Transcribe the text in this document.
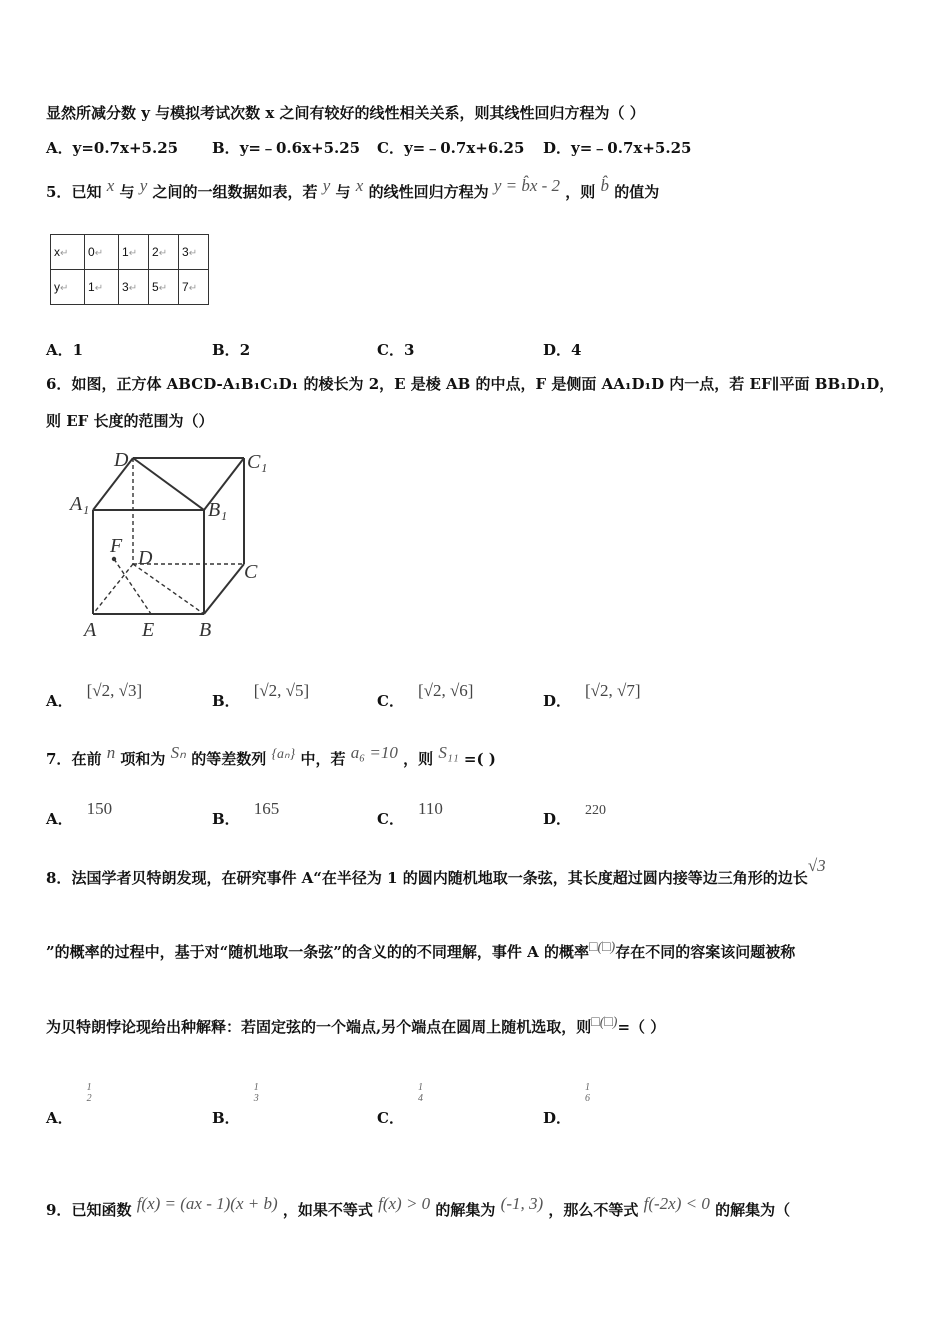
显然所减分数 y 与模拟考试次数 x 之间有较好的线性相关关系，则其线性回归方程为（ ）
A．y=0.7x+5.25 B．y=﹣0.6x+5.25 C．y=﹣0.7x+6.25 D．y=﹣0.7x+5.25
5．已知 x 与 y 之间的一组数据如表，若 y 与 x 的线性回归方程为 y = b̂x - 2 ，则 b̂ 的值为
x↵	0↵	1↵	2↵	3↵
y↵	1↵	3↵	5↵	7↵
A．1	B．2	C．3	D．4
6．如图，正方体 ABCD-A₁B₁C₁D₁ 的棱长为 2，E 是棱 AB 的中点，F 是侧面 AA₁D₁D 内一点，若 EF∥平面 BB₁D₁D，
则 EF 长度的范围为（）
D	C₁
A₁	B₁
F
D
C
A E B
A．[√2, √3]
B．[√2, √5]
C．[√2, √6]
D．[√2, √7]
7．在前 n 项和为 Sₙ 的等差数列 {aₙ} 中，若 a₆ =10 ，则 S₁₁ =( )
A．150
B．165
C．110
D． 220
8．法国学者贝特朗发现，在研究事件 A“在半径为 1 的圆内随机地取一条弦，其长度超过圆内接等边三角形的边长√3
”的概率的过程中，基于对“随机地取一条弦”的含义的的不同理解，事件 A 的概率□(□)存在不同的容案该问题被称
为贝特朗悖论现给出种解释：若固定弦的一个端点,另个端点在圆周上随机选取，则□(□)=（ ）
A．1
2
B．1
3
C．1
4
D．1
6
9．已知函数 f(x) = (ax - 1)(x + b) ，如果不等式 f(x) > 0 的解集为 (-1, 3) ，那么不等式 f(-2x) < 0 的解集为（
